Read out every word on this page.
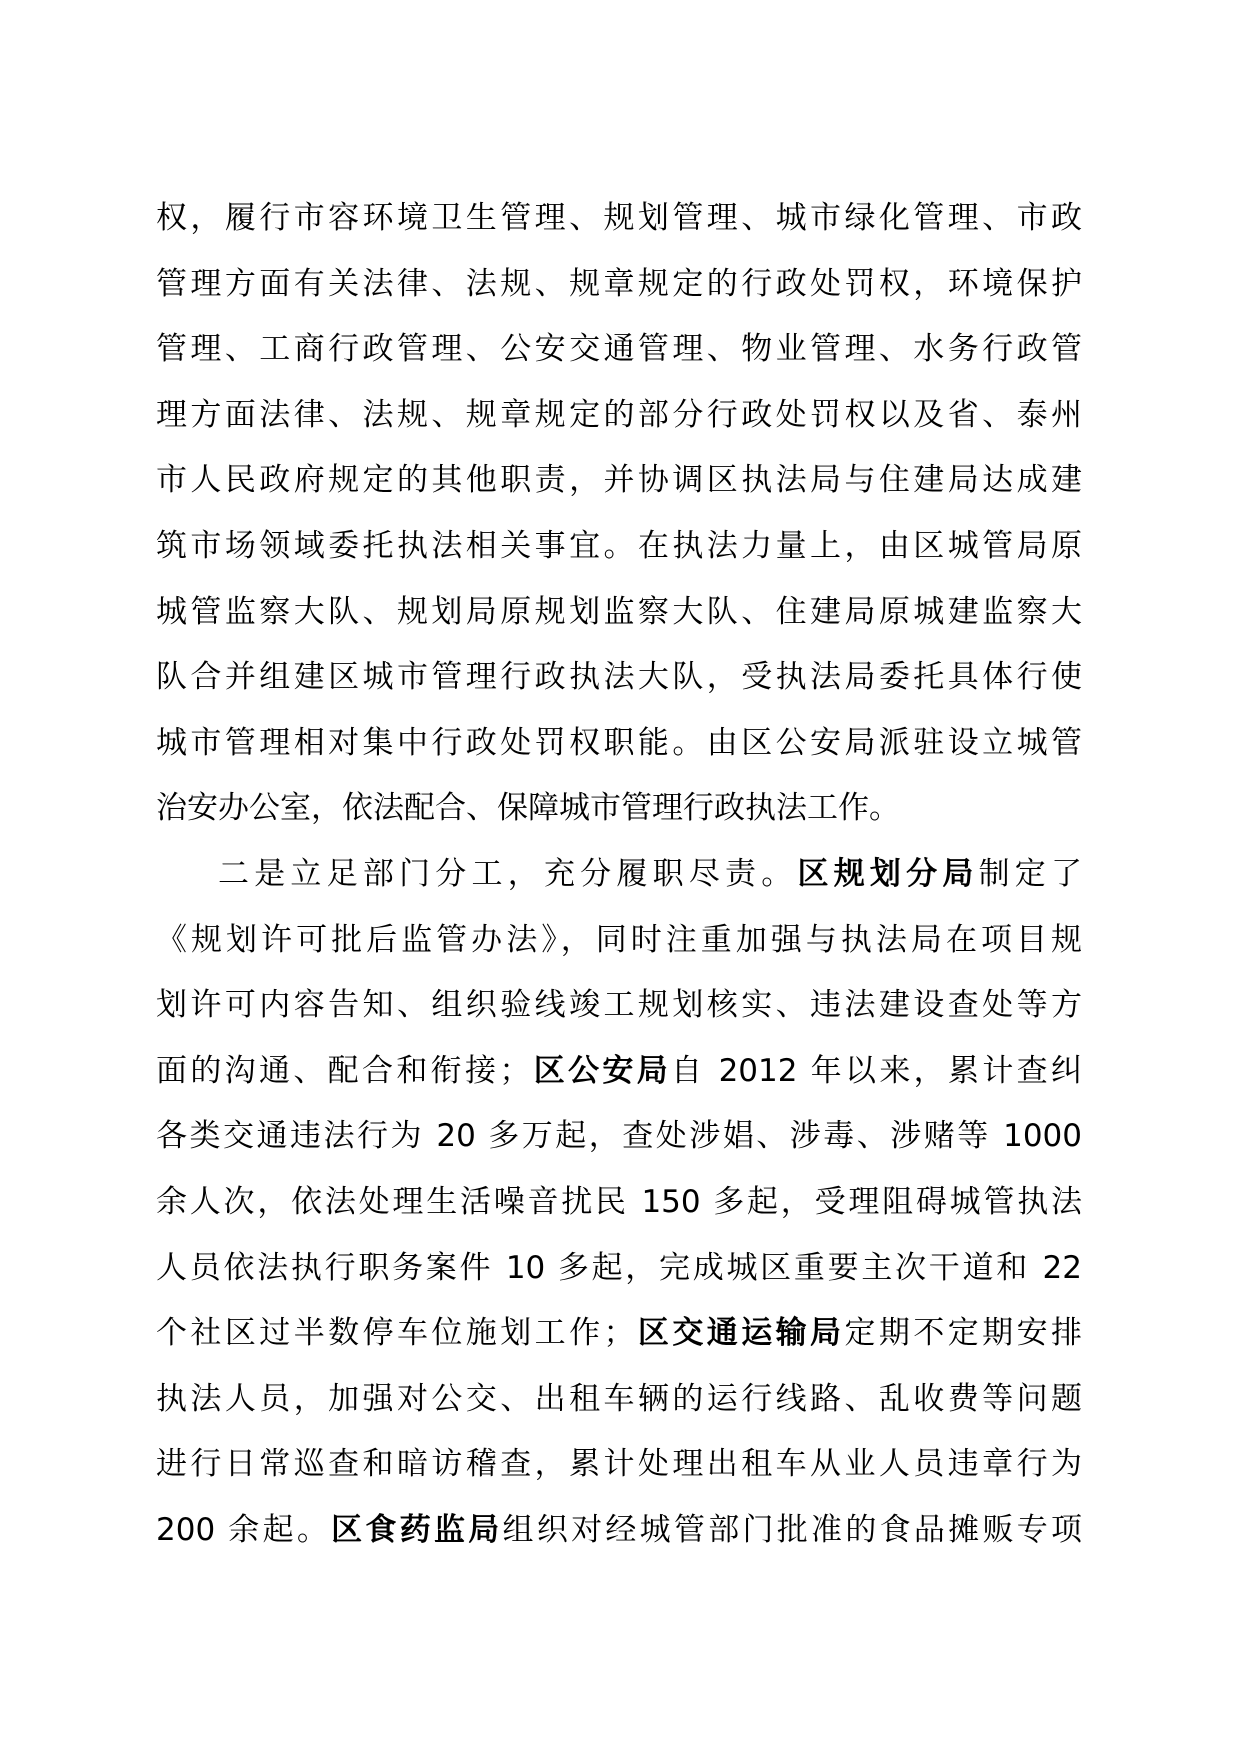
权，履行市容环境卫生管理、规划管理、城市绿化管理、市政
管理方面有关法律、法规、规章规定的行政处罚权，环境保护
管理、工商行政管理、公安交通管理、物业管理、水务行政管
理方面法律、法规、规章规定的部分行政处罚权以及省、泰州
市人民政府规定的其他职责，并协调区执法局与住建局达成建
筑市场领域委托执法相关事宜。在执法力量上，由区城管局原
城管监察大队、规划局原规划监察大队、住建局原城建监察大
队合并组建区城市管理行政执法大队，受执法局委托具体行使
城市管理相对集中行政处罚权职能。由区公安局派驻设立城管
治安办公室，依法配合、保障城市管理行政执法工作。
二是立足部门分工，充分履职尽责。区规划分局制定了
《规划许可批后监管办法》，同时注重加强与执法局在项目规
划许可内容告知、组织验线竣工规划核实、违法建设查处等方
面的沟通、配合和衔接；区公安局自 2012 年以来，累计查纠
各类交通违法行为 20 多万起，查处涉娼、涉毒、涉赌等 1000
余人次，依法处理生活噪音扰民 150 多起，受理阻碍城管执法
人员依法执行职务案件 10 多起，完成城区重要主次干道和 22
个社区过半数停车位施划工作；区交通运输局定期不定期安排
执法人员，加强对公交、出租车辆的运行线路、乱收费等问题
进行日常巡查和暗访稽查，累计处理出租车从业人员违章行为
200 余起。区食药监局组织对经城管部门批准的食品摊贩专项
